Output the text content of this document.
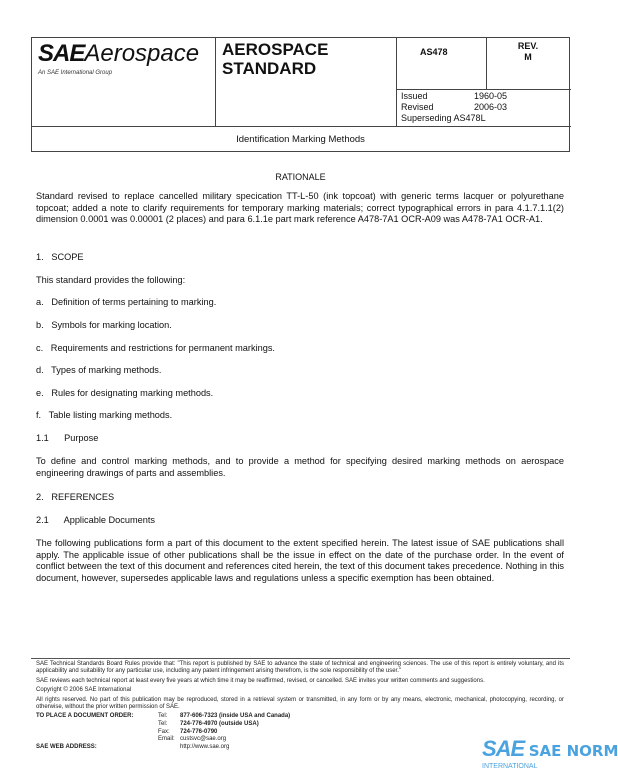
SAEAerospace
An SAE International Group
AEROSPACE
STANDARD
AS478
REV.
M
Issued	1960-05
Revised	2006-03
Superseding AS478L
Identification Marking Methods
RATIONALE
Standard revised to replace cancelled military specication TT-L-50 (ink topcoat) with generic terms lacquer or polyurethane topcoat; added a note to clarify requirements for temporary marking materials; correct typographical errors in para 4.1.7.1.1(2) dimension 0.0001 was 0.00001 (2 places) and para 6.1.1e part mark reference A478-7A1 OCR-A09 was A478-7A1 OCR-A1.
1.   SCOPE
This standard provides the following:
a.   Definition of terms pertaining to marking.
b.   Symbols for marking location.
c.   Requirements and restrictions for permanent markings.
d.   Types of marking methods.
e.   Rules for designating marking methods.
f.   Table listing marking methods.
1.1      Purpose
To define and control marking methods, and to provide a method for specifying desired marking methods on aerospace engineering drawings of parts and assemblies.
2.   REFERENCES
2.1      Applicable Documents
The following publications form a part of this document to the extent specified herein. The latest issue of SAE publications shall apply. The applicable issue of other publications shall be the issue in effect on the date of the purchase order. In the event of conflict between the text of this document and references cited herein, the text of this document takes precedence. Nothing in this document, however, supersedes applicable laws and regulations unless a specific exemption has been obtained.
SAE Technical Standards Board Rules provide that: "This report is published by SAE to advance the state of technical and engineering sciences. The use of this report is entirely voluntary, and its applicability and suitability for any particular use, including any patent infringement arising therefrom, is the sole responsibility of the user."
SAE reviews each technical report at least every five years at which time it may be reaffirmed, revised, or cancelled. SAE invites your written comments and suggestions.
Copyright © 2006 SAE International
All rights reserved. No part of this publication may be reproduced, stored in a retrieval system or transmitted, in any form or by any means, electronic, mechanical, photocopying, recording, or otherwise, without the prior written permission of SAE.
TO PLACE A DOCUMENT ORDER:	Tel:	877-606-7323 (inside USA and Canada)
Tel:	724-776-4970 (outside USA)
Fax:	724-776-0790
Email: custsvc@sae.org
SAE WEB ADDRESS:	http://www.sae.org	SAE SAE NORM
INTERNATIONAL
